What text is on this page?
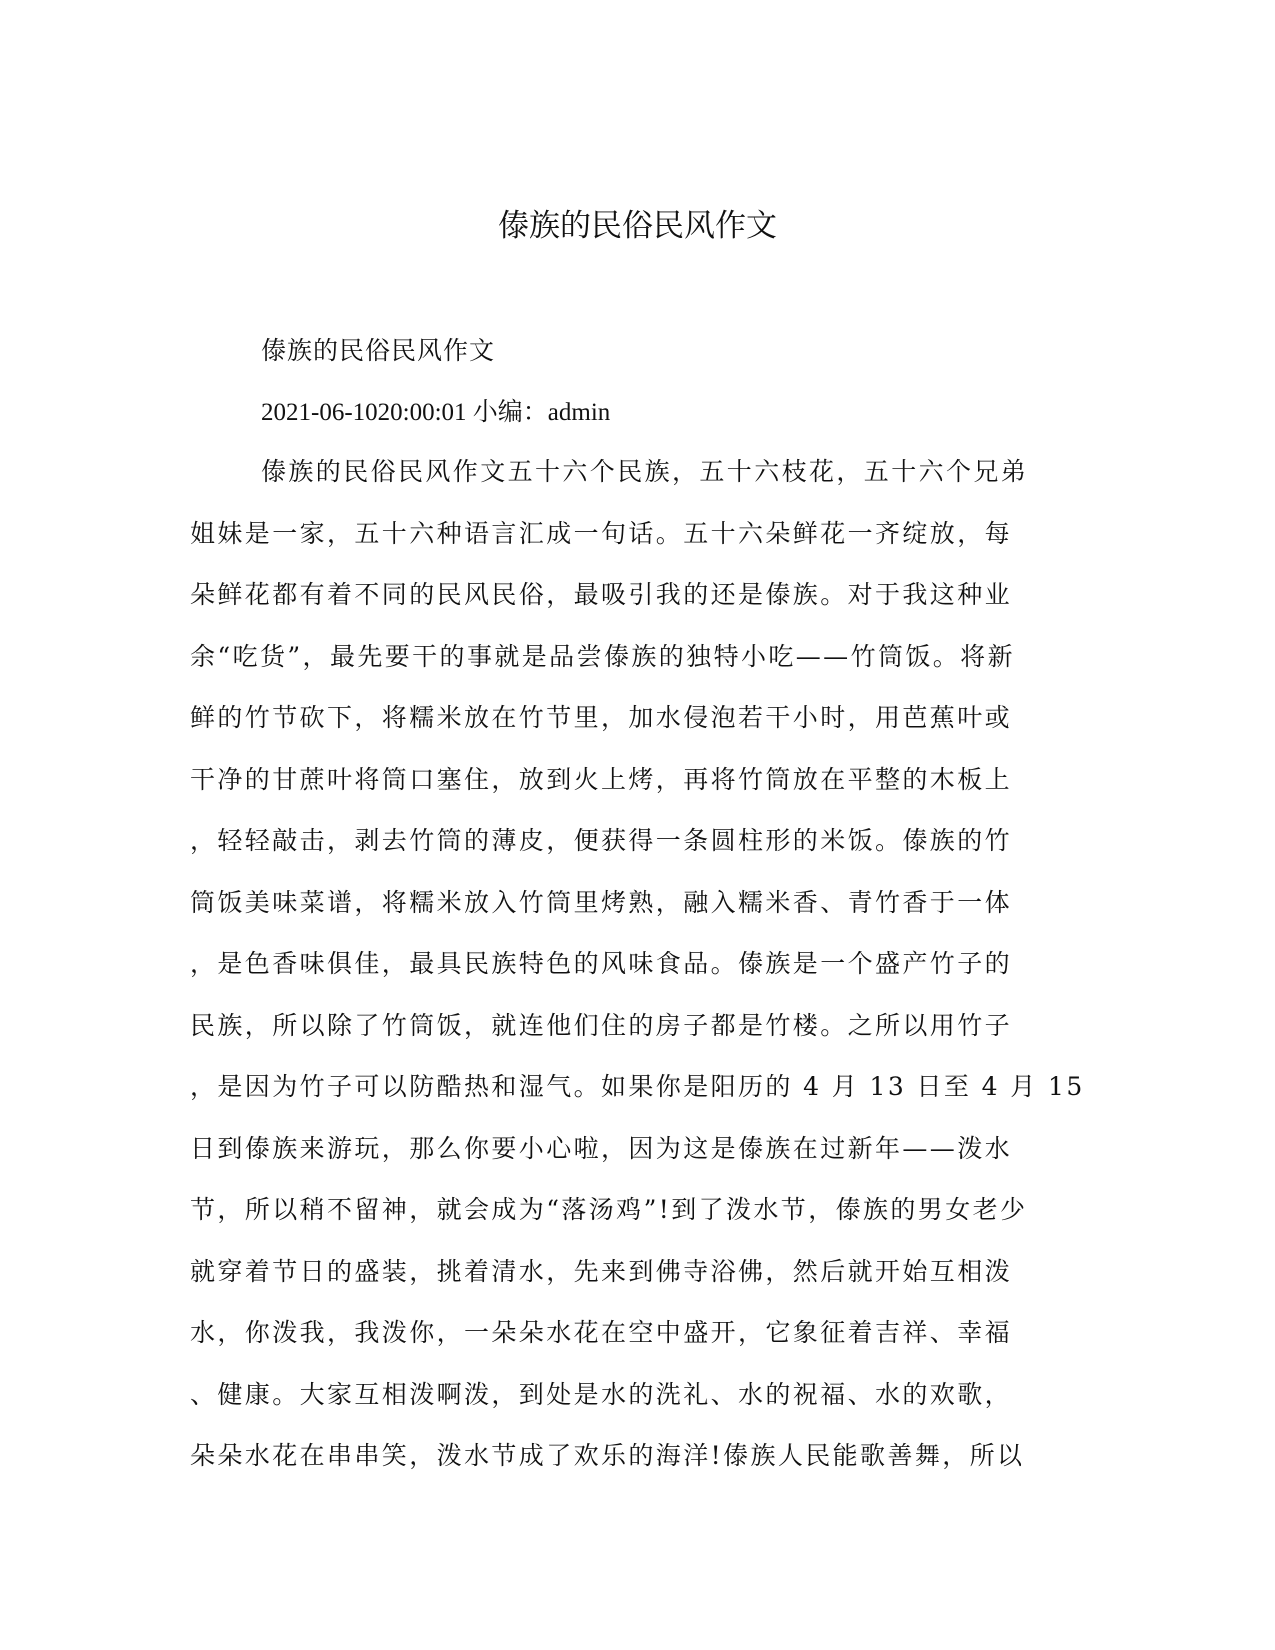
傣族的民俗民风作文

傣族的民俗民风作文

2021-06-1020:00:01 小编：admin

傣族的民俗民风作文五十六个民族，五十六枝花，五十六个兄弟
姐妹是一家，五十六种语言汇成一句话。五十六朵鲜花一齐绽放，每
朵鲜花都有着不同的民风民俗，最吸引我的还是傣族。对于我这种业
余“吃货”，最先要干的事就是品尝傣族的独特小吃——竹筒饭。将新
鲜的竹节砍下，将糯米放在竹节里，加水侵泡若干小时，用芭蕉叶或
干净的甘蔗叶将筒口塞住，放到火上烤，再将竹筒放在平整的木板上
，轻轻敲击，剥去竹筒的薄皮，便获得一条圆柱形的米饭。傣族的竹
筒饭美味菜谱，将糯米放入竹筒里烤熟，融入糯米香、青竹香于一体
，是色香味俱佳，最具民族特色的风味食品。傣族是一个盛产竹子的
民族，所以除了竹筒饭，就连他们住的房子都是竹楼。之所以用竹子
，是因为竹子可以防酷热和湿气。如果你是阳历的 4 月 13 日至 4 月 15
日到傣族来游玩，那么你要小心啦，因为这是傣族在过新年——泼水
节，所以稍不留神，就会成为“落汤鸡”!到了泼水节，傣族的男女老少
就穿着节日的盛装，挑着清水，先来到佛寺浴佛，然后就开始互相泼
水，你泼我，我泼你，一朵朵水花在空中盛开，它象征着吉祥、幸福
、健康。大家互相泼啊泼，到处是水的洗礼、水的祝福、水的欢歌，
朵朵水花在串串笑，泼水节成了欢乐的海洋!傣族人民能歌善舞，所以
